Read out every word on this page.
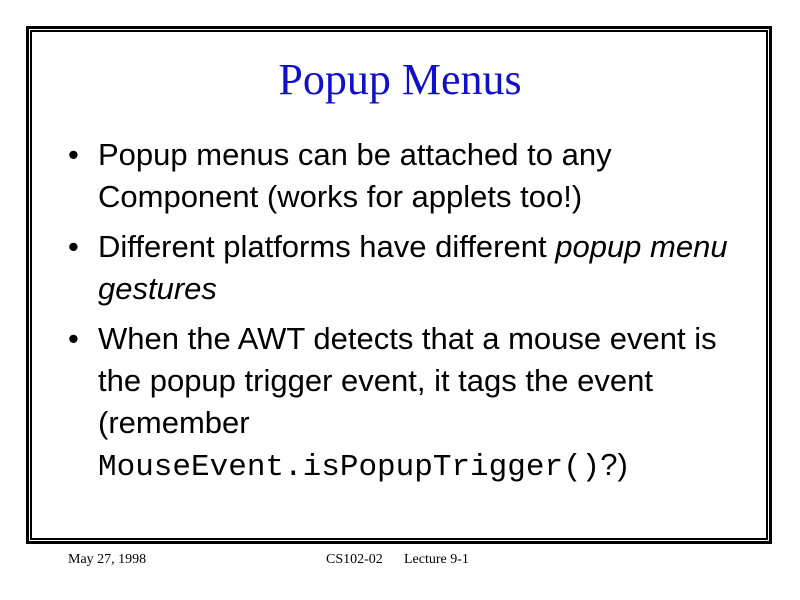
Popup Menus
• Popup menus can be attached to any Component (works for applets too!)
• Different platforms have different popup menu gestures
• When the AWT detects that a mouse event is the popup trigger event, it tags the event (remember
MouseEvent.isPopupTrigger()?)
May 27, 1998	CS102-02 Lecture 9-1
